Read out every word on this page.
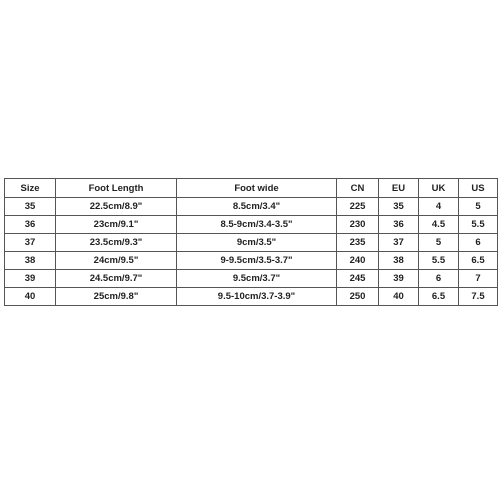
Size	Foot Length	Foot wide	CN	EU	UK	US
35	22.5cm/8.9"	8.5cm/3.4"	225	35	4	5
36	23cm/9.1"	8.5-9cm/3.4-3.5"	230	36	4.5	5.5
37	23.5cm/9.3"	9cm/3.5"	235	37	5	6
38	24cm/9.5"	9-9.5cm/3.5-3.7"	240	38	5.5	6.5
39	24.5cm/9.7"	9.5cm/3.7"	245	39	6	7
40	25cm/9.8"	9.5-10cm/3.7-3.9"	250	40	6.5	7.5
